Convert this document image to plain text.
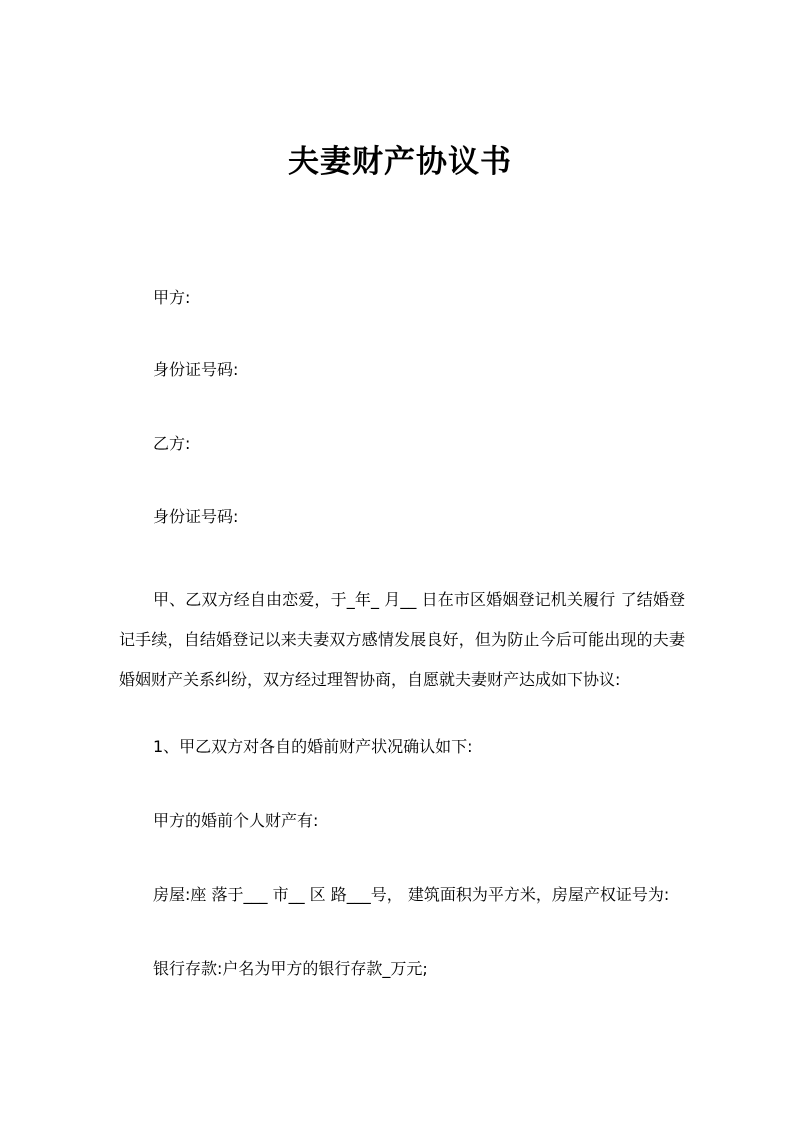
夫妻财产协议书
甲方:
身份证号码:
乙方:
身份证号码:
甲、乙双方经自由恋爱，于_年_ 月__ 日在市区婚姻登记机关履行 了结婚登记手续，自结婚登记以来夫妻双方感情发展良好，但为防止今后可能出现的夫妻婚姻财产关系纠纷，双方经过理智协商，自愿就夫妻财产达成如下协议:
1、甲乙双方对各自的婚前财产状况确认如下:
甲方的婚前个人财产有:
房屋:座 落于___ 市__ 区 路___号， 建筑面积为平方米，房屋产权证号为:
银行存款:户名为甲方的银行存款_万元;
